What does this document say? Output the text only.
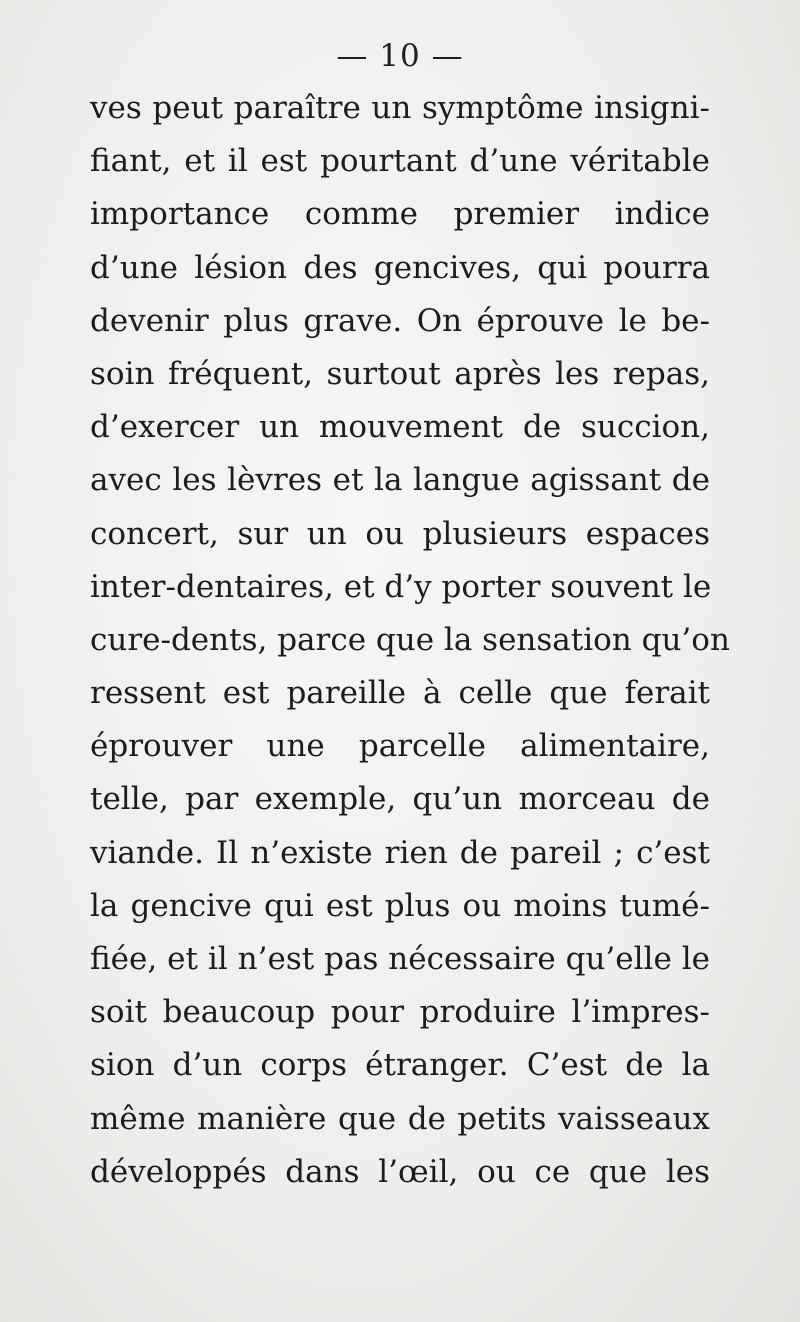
— 10 —
ves peut paraître un symptôme insigni-
fiant, et il est pourtant d’une véritable
importance comme premier indice
d’une lésion des gencives, qui pourra
devenir plus grave. On éprouve le be-
soin fréquent, surtout après les repas,
d’exercer un mouvement de succion,
avec les lèvres et la langue agissant de
concert, sur un ou plusieurs espaces
inter-dentaires, et d’y porter souvent le
cure-dents, parce que la sensation qu’on
ressent est pareille à celle que ferait
éprouver une parcelle alimentaire,
telle, par exemple, qu’un morceau de
viande. Il n’existe rien de pareil ; c’est
la gencive qui est plus ou moins tumé-
fiée, et il n’est pas nécessaire qu’elle le
soit beaucoup pour produire l’impres-
sion d’un corps étranger. C’est de la
même manière que de petits vaisseaux
développés dans l’œil, ou ce que les
